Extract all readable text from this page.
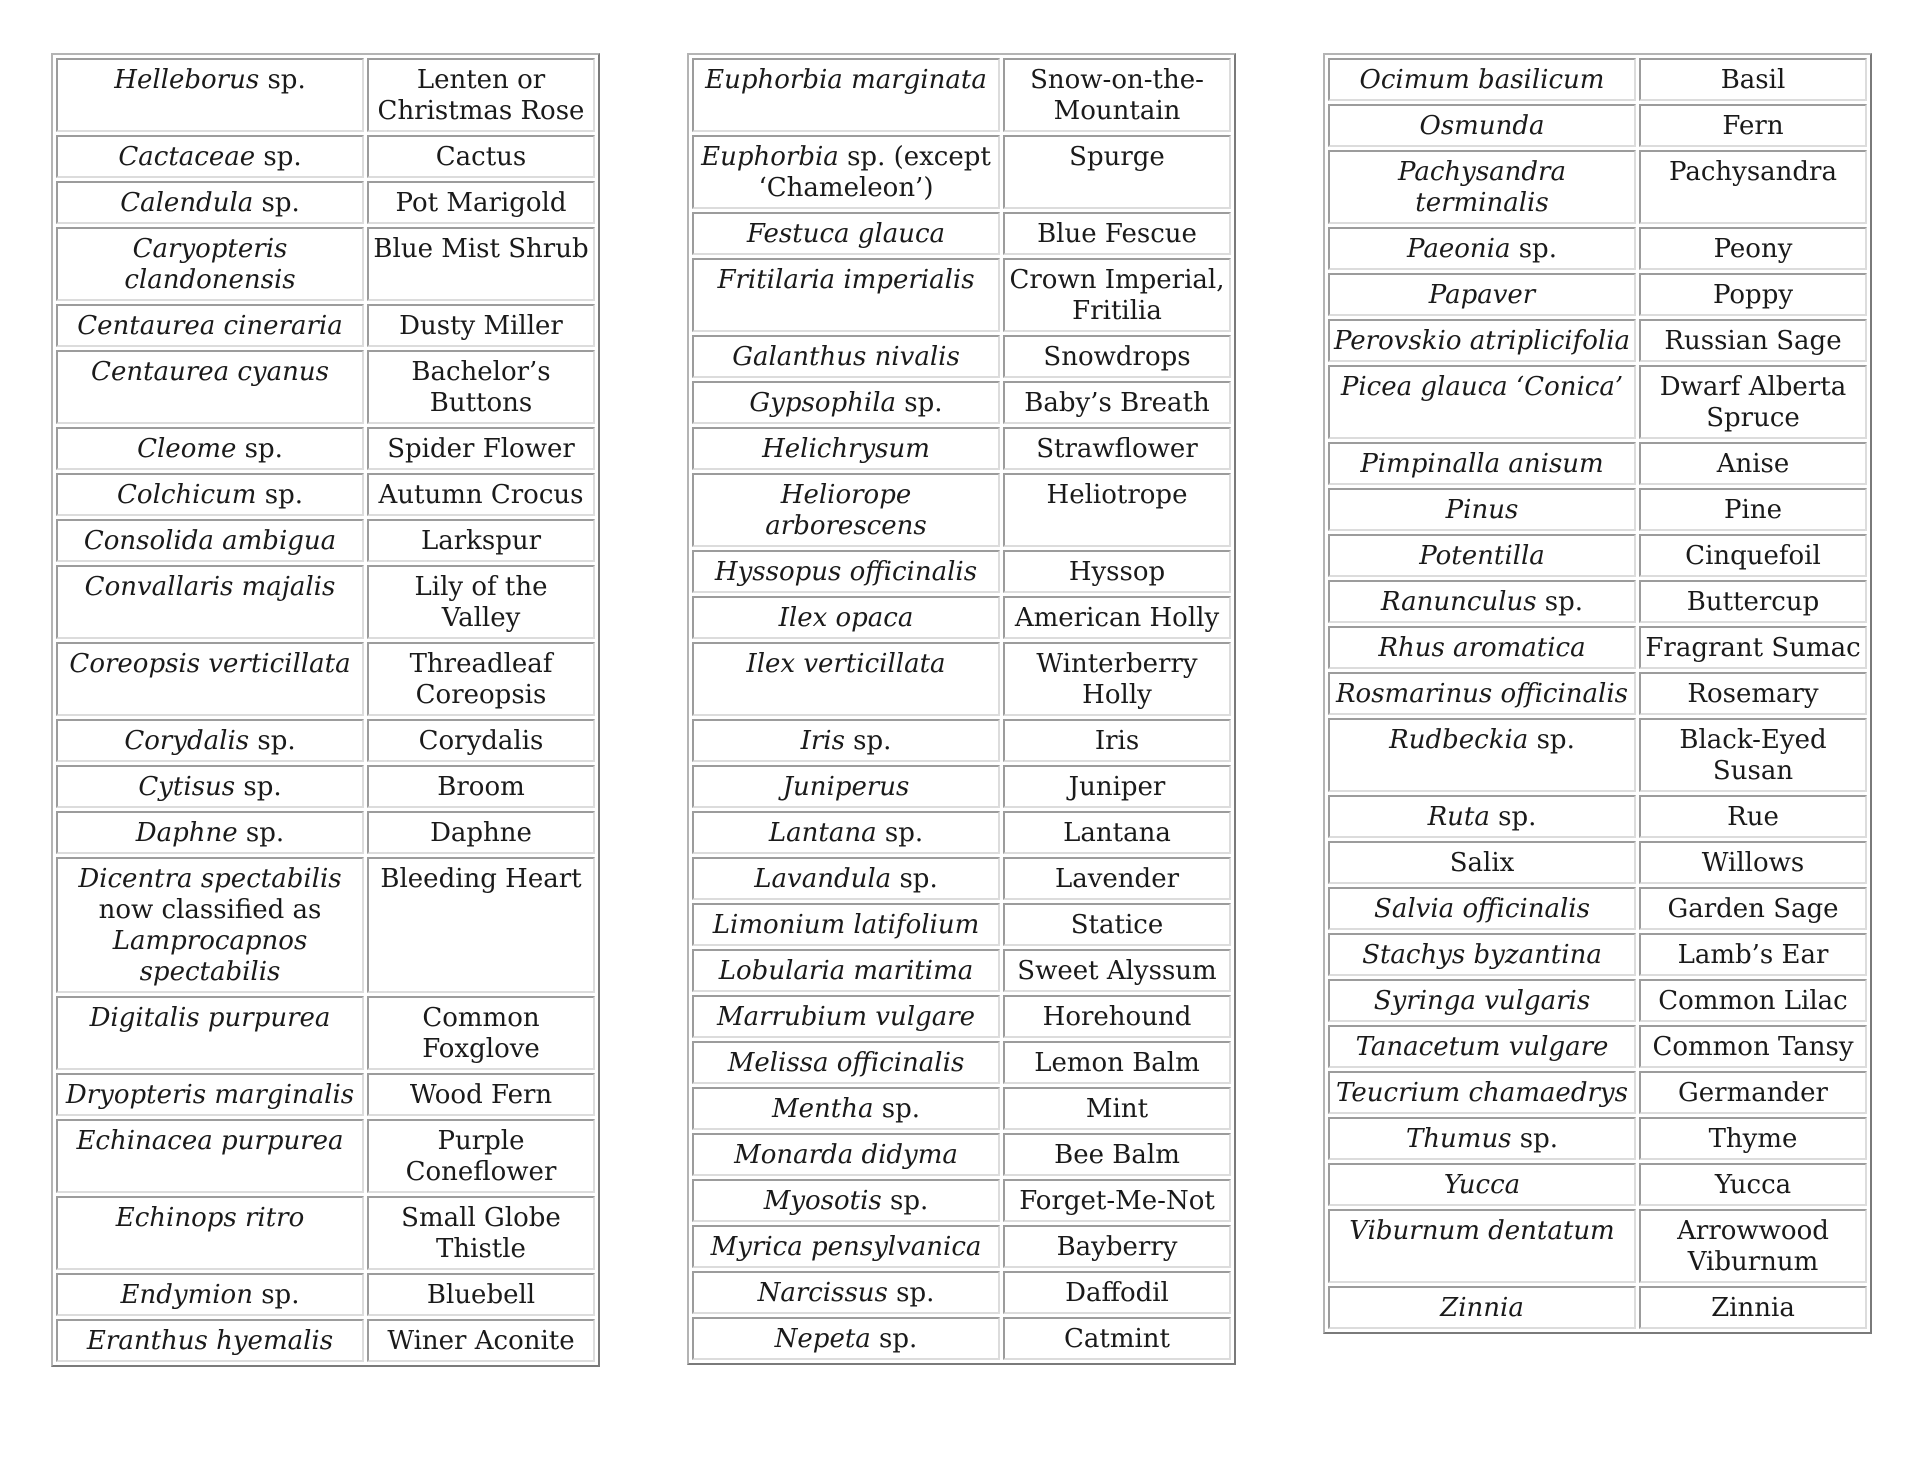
Helleborus sp.	Lenten or Christmas Rose
Cactaceae sp.	Cactus
Calendula sp.	Pot Marigold
Caryopteris clandonensis	Blue Mist Shrub
Centaurea cineraria	Dusty Miller
Centaurea cyanus	Bachelor’s Buttons
Cleome sp.	Spider Flower
Colchicum sp.	Autumn Crocus
Consolida ambigua	Larkspur
Convallaris majalis	Lily of the Valley
Coreopsis verticillata	Threadleaf Coreopsis
Corydalis sp.	Corydalis
Cytisus sp.	Broom
Daphne sp.	Daphne
Dicentra spectabilis now classified as Lamprocapnos spectabilis	Bleeding Heart
Digitalis purpurea	Common Foxglove
Dryopteris marginalis	Wood Fern
Echinacea purpurea	Purple Coneflower
Echinops ritro	Small Globe Thistle
Endymion sp.	Bluebell
Eranthus hyemalis	Winer Aconite
Euphorbia marginata	Snow-on-the-Mountain
Euphorbia sp. (except ‘Chameleon’)	Spurge
Festuca glauca	Blue Fescue
Fritilaria imperialis	Crown Imperial, Fritilia
Galanthus nivalis	Snowdrops
Gypsophila sp.	Baby’s Breath
Helichrysum	Strawflower
Heliorope arborescens	Heliotrope
Hyssopus officinalis	Hyssop
Ilex opaca	American Holly
Ilex verticillata	Winterberry Holly
Iris sp.	Iris
Juniperus	Juniper
Lantana sp.	Lantana
Lavandula sp.	Lavender
Limonium latifolium	Statice
Lobularia maritima	Sweet Alyssum
Marrubium vulgare	Horehound
Melissa officinalis	Lemon Balm
Mentha sp.	Mint
Monarda didyma	Bee Balm
Myosotis sp.	Forget-Me-Not
Myrica pensylvanica	Bayberry
Narcissus sp.	Daffodil
Nepeta sp.	Catmint
Ocimum basilicum	Basil
Osmunda	Fern
Pachysandra terminalis	Pachysandra
Paeonia sp.	Peony
Papaver	Poppy
Perovskio atriplicifolia	Russian Sage
Picea glauca ‘Conica’	Dwarf Alberta Spruce
Pimpinalla anisum	Anise
Pinus	Pine
Potentilla	Cinquefoil
Ranunculus sp.	Buttercup
Rhus aromatica	Fragrant Sumac
Rosmarinus officinalis	Rosemary
Rudbeckia sp.	Black-Eyed Susan
Ruta sp.	Rue
Salix	Willows
Salvia officinalis	Garden Sage
Stachys byzantina	Lamb’s Ear
Syringa vulgaris	Common Lilac
Tanacetum vulgare	Common Tansy
Teucrium chamaedrys	Germander
Thumus sp.	Thyme
Yucca	Yucca
Viburnum dentatum	Arrowwood Viburnum
Zinnia	Zinnia
